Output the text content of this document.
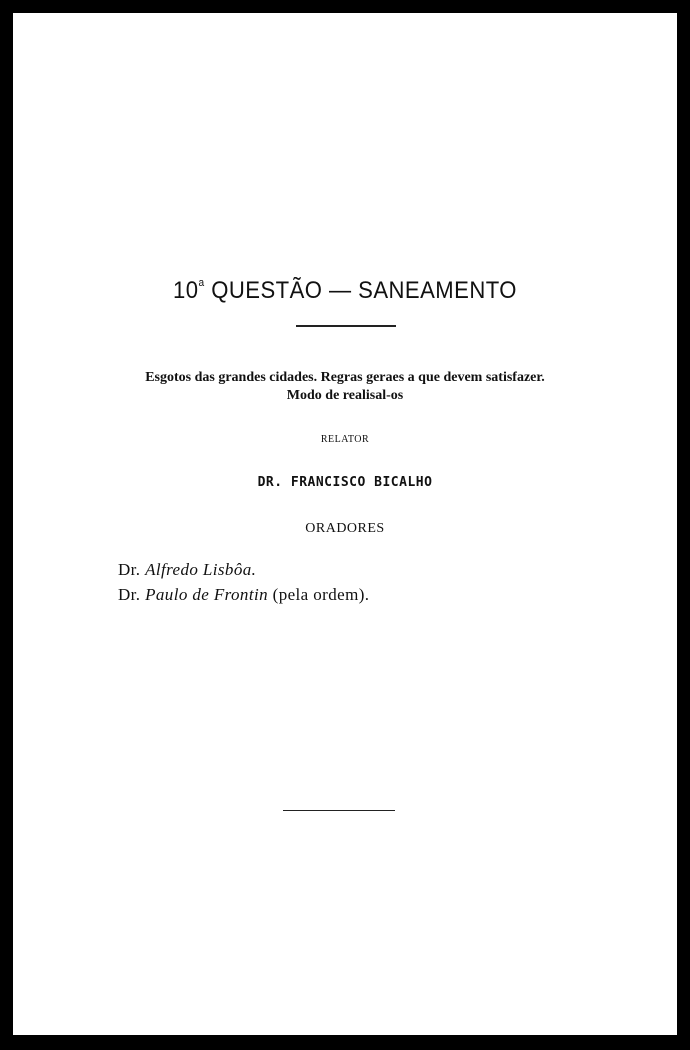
10$^a$ QUESTÃO — SANEAMENTO
Esgotos das grandes cidades. Regras geraes a que devem satisfazer.
Modo de realisal-os
RELATOR
DR. FRANCISCO BICALHO
ORADORES
Dr. Alfredo Lisbôa.
Dr. Paulo de Frontin (pela ordem).
